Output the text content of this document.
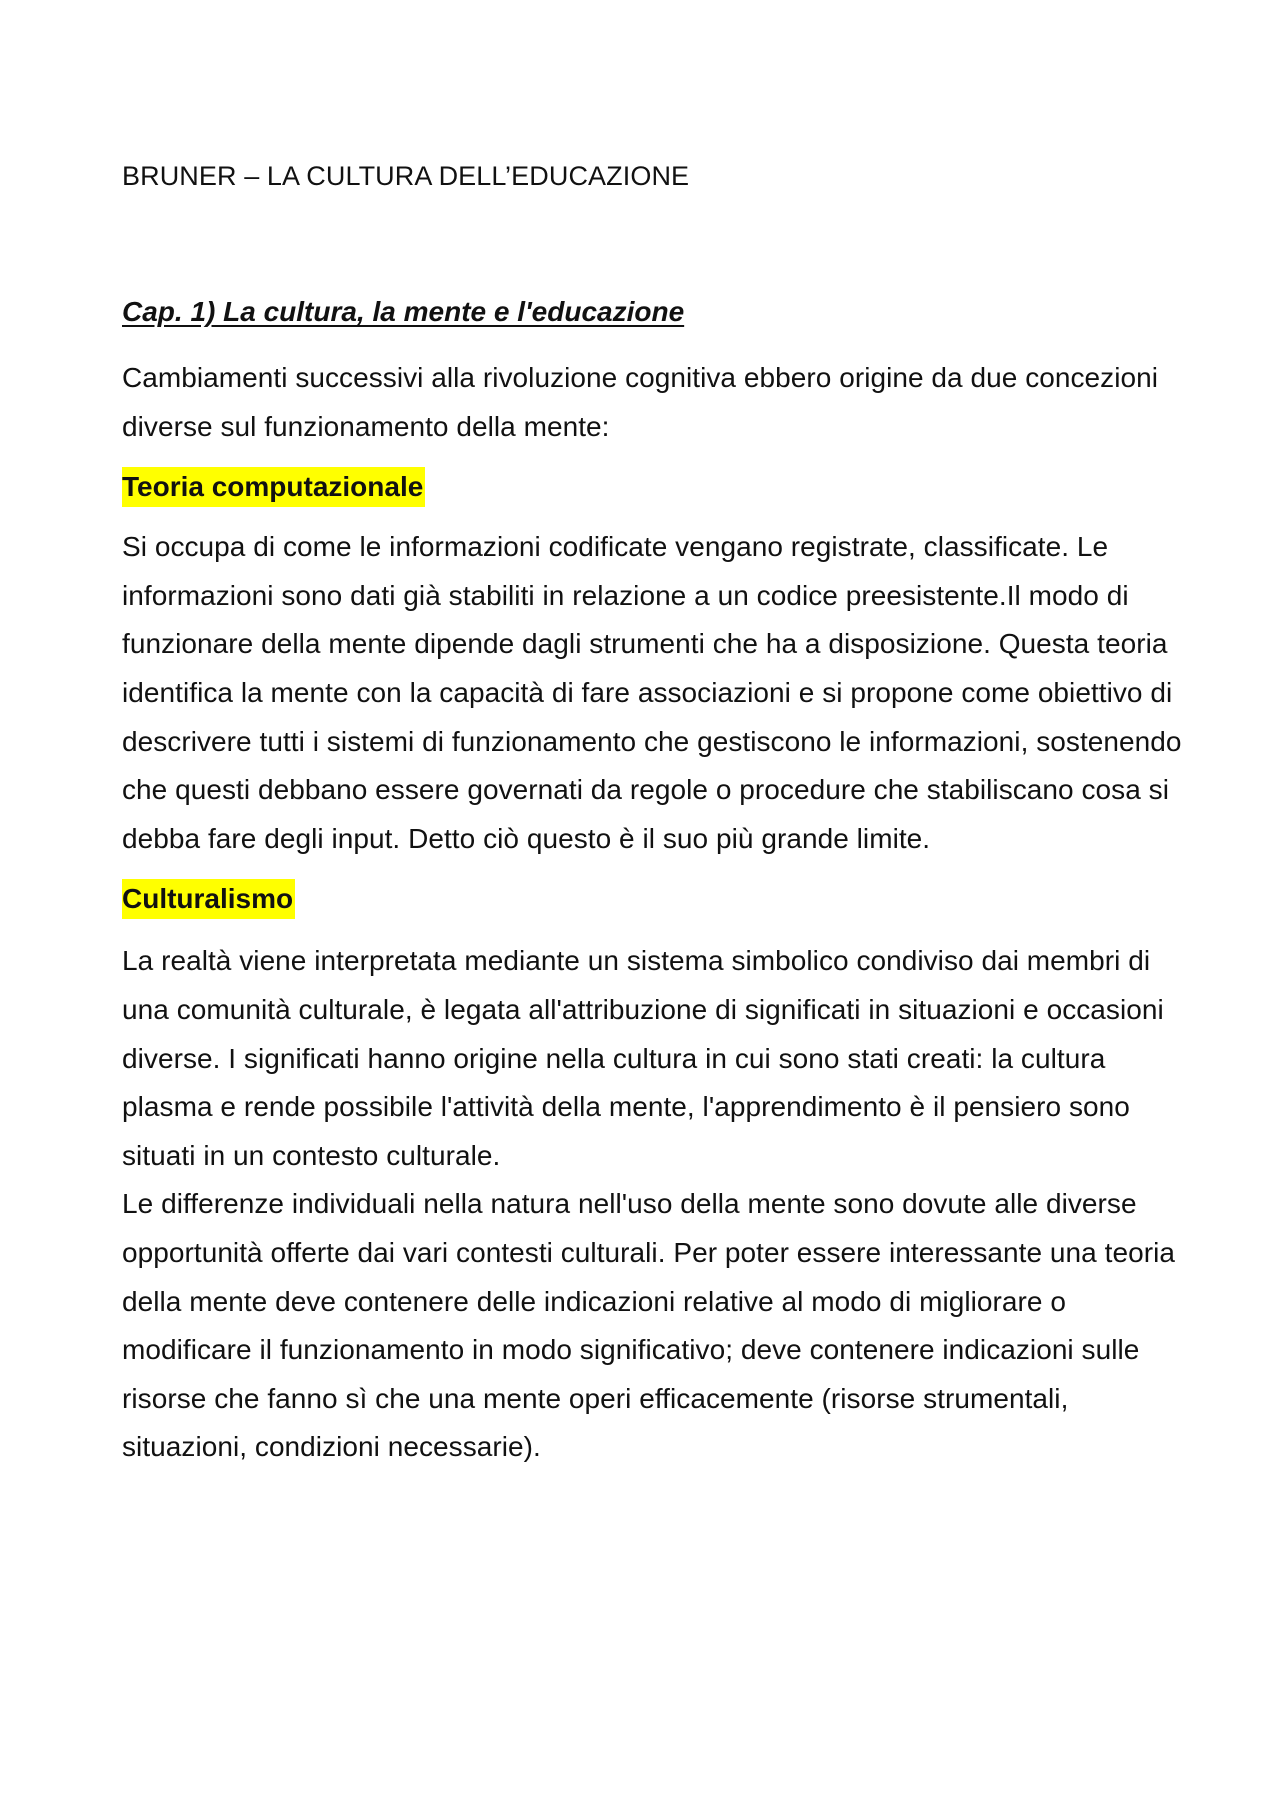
BRUNER – LA CULTURA DELL’EDUCAZIONE
Cap. 1) La cultura, la mente e l'educazione

Cambiamenti successivi alla rivoluzione cognitiva ebbero origine da due concezioni diverse sul funzionamento della mente:

Teoria computazionale

Si occupa di come le informazioni codificate vengano registrate, classificate. Le informazioni sono dati già stabiliti in relazione a un codice preesistente.Il modo di funzionare della mente dipende dagli strumenti che ha a disposizione. Questa teoria identifica la mente con la capacità di fare associazioni e si propone come obiettivo di descrivere tutti i sistemi di funzionamento che gestiscono le informazioni, sostenendo che questi debbano essere governati da regole o procedure che stabiliscano cosa si debba fare degli input. Detto ciò questo è il suo più grande limite.

Culturalismo

La realtà viene interpretata mediante un sistema simbolico condiviso dai membri di una comunità culturale, è legata all'attribuzione di significati in situazioni e occasioni diverse. I significati hanno origine nella cultura in cui sono stati creati: la cultura plasma e rende possibile l'attività della mente, l'apprendimento è il pensiero sono situati in un contesto culturale.

Le differenze individuali nella natura nell'uso della mente sono dovute alle diverse opportunità offerte dai vari contesti culturali. Per poter essere interessante una teoria della mente deve contenere delle indicazioni relative al modo di migliorare o modificare il funzionamento in modo significativo; deve contenere indicazioni sulle risorse che fanno sì che una mente operi efficacemente (risorse strumentali, situazioni, condizioni necessarie).
